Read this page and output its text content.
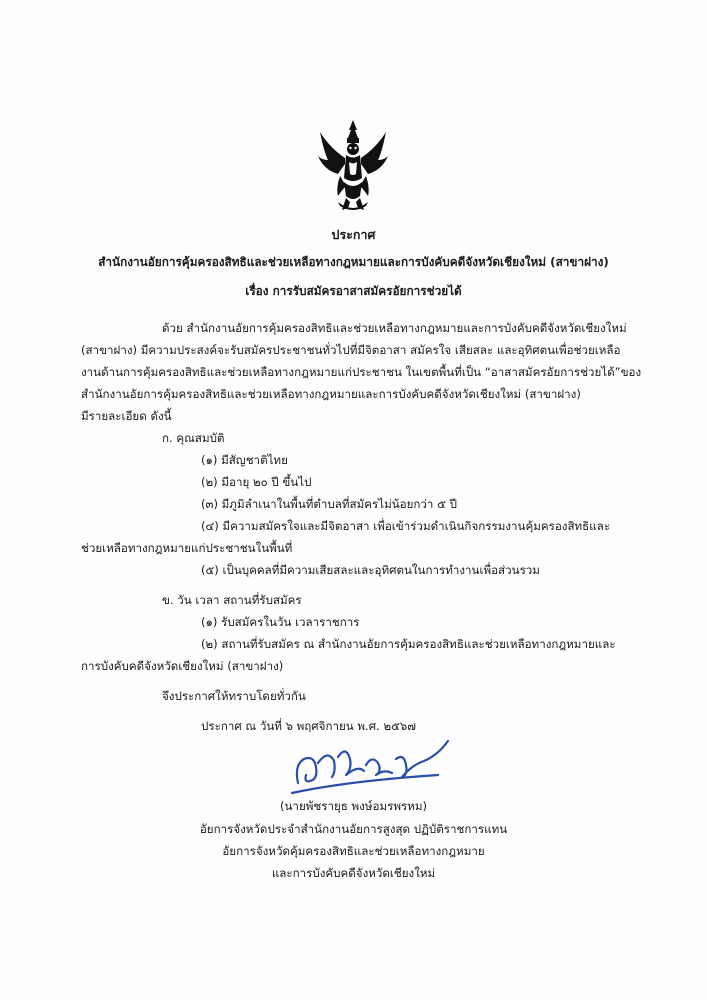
ประกาศ
สำนักงานอัยการคุ้มครองสิทธิและช่วยเหลือทางกฎหมายและการบังคับคดีจังหวัดเชียงใหม่ (สาขาฝาง)
เรื่อง การรับสมัครอาสาสมัครอัยการช่วยได้
ด้วย สำนักงานอัยการคุ้มครองสิทธิและช่วยเหลือทางกฎหมายและการบังคับคดีจังหวัดเชียงใหม่
(สาขาฝาง) มีความประสงค์จะรับสมัครประชาชนทั่วไปที่มีจิตอาสา สมัครใจ เสียสละ และอุทิศตนเพื่อช่วยเหลือ
งานด้านการคุ้มครองสิทธิและช่วยเหลือทางกฎหมายแก่ประชาชน ในเขตพื้นที่เป็น “อาสาสมัครอัยการช่วยได้”ของ
สำนักงานอัยการคุ้มครองสิทธิและช่วยเหลือทางกฎหมายและการบังคับคดีจังหวัดเชียงใหม่ (สาขาฝาง)
มีรายละเอียด ดังนี้
ก. คุณสมบัติ
(๑) มีสัญชาติไทย
(๒) มีอายุ ๒๐ ปี ขึ้นไป
(๓) มีภูมิลำเนาในพื้นที่ตำบลที่สมัครไม่น้อยกว่า ๕ ปี
(๔) มีความสมัครใจและมีจิตอาสา เพื่อเข้าร่วมดำเนินกิจกรรมงานคุ้มครองสิทธิและ
ช่วยเหลือทางกฎหมายแก่ประชาชนในพื้นที่
(๕) เป็นบุคคลที่มีความเสียสละและอุทิศตนในการทำงานเพื่อส่วนรวม
ข. วัน เวลา สถานที่รับสมัคร
(๑) รับสมัครในวัน เวลาราชการ
(๒) สถานที่รับสมัคร ณ สำนักงานอัยการคุ้มครองสิทธิและช่วยเหลือทางกฎหมายและ
การบังคับคดีจังหวัดเชียงใหม่ (สาขาฝาง)
จึงประกาศให้ทราบโดยทั่วกัน
ประกาศ ณ วันที่ ๖ พฤศจิกายน พ.ศ. ๒๕๖๗
(นายพัชรายุธ พงษ์อมรพรหม)
อัยการจังหวัดประจำสำนักงานอัยการสูงสุด ปฏิบัติราชการแทน
อัยการจังหวัดคุ้มครองสิทธิและช่วยเหลือทางกฎหมาย
และการบังคับคดีจังหวัดเชียงใหม่
